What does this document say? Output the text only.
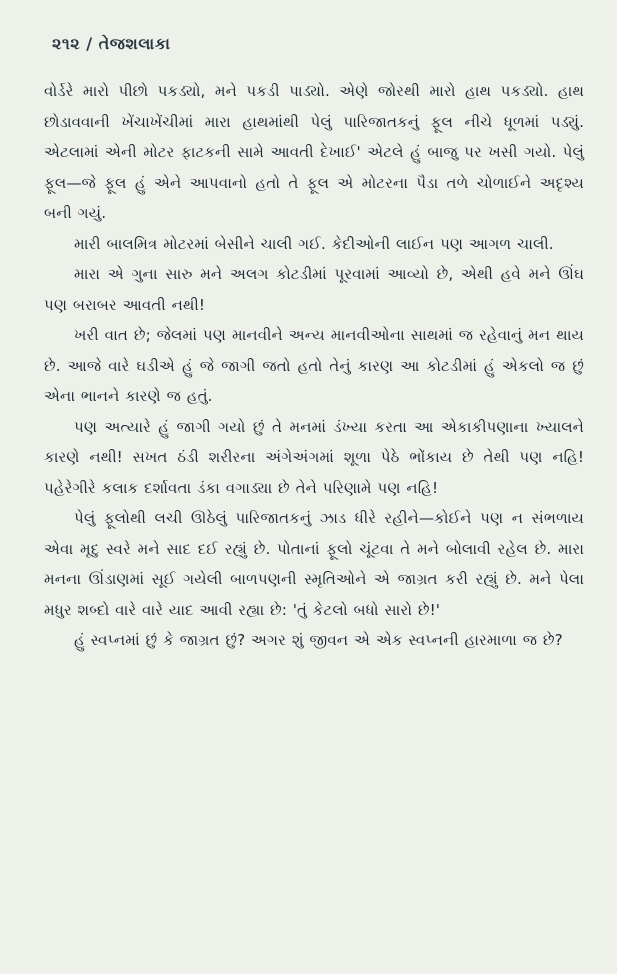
૨૧૨ / તેજશલાકા

વોર્ડરે મારો પીછો પકડ્યો, મને પકડી પાડ્યો. એણે જોરથી મારો હાથ પકડ્યો. હાથ છોડાવવાની ખેંચાખેંચીમાં મારા હાથમાંથી પેલું પારિજાતકનું ફૂલ નીચે ધૂળમાં પડ્યું. એટલામાં એની મોટર ફાટકની સામે આવતી દેખાઈ' એટલે હું બાજુ પર ખસી ગયો. પેલું ફૂલ—જે ફૂલ હું એને આપવાનો હતો તે ફૂલ એ મોટરના પૈડા તળે ચોળાઈને અદૃશ્ય બની ગયું.

મારી બાલમિત્ર મોટરમાં બેસીને ચાલી ગઈ. કેદીઓની લાઈન પણ આગળ ચાલી.

મારા એ ગુના સારુ મને અલગ કોટડીમાં પૂરવામાં આવ્યો છે, એથી હવે મને ઊંઘ પણ બરાબર આવતી નથી!

ખરી વાત છે; જેલમાં પણ માનવીને અન્ય માનવીઓના સાથમાં જ રહેવાનું મન થાય છે. આજે વારે ઘડીએ હું જે જાગી જતો હતો તેનું કારણ આ કોટડીમાં હું એકલો જ છું એના ભાનને કારણે જ હતું.

પણ અત્યારે હું જાગી ગયો છું તે મનમાં ડંખ્યા કરતા આ એકાકીપણાના ખ્યાલને કારણે નથી! સખત ઠંડી શરીરના અંગેઅંગમાં શૂળા પેઠે ભોંકાય છે તેથી પણ નહિ! પહેરેગીરે કલાક દર્શાવતા ડંકા વગાડ્યા છે તેને પરિણામે પણ નહિ!

પેલું ફૂલોથી લચી ઊઠેલું પારિજાતકનું ઝાડ ધીરે રહીને—કોઈને પણ ન સંભળાય એવા મૃદુ સ્વરે મને સાદ દઈ રહ્યું છે. પોતાનાં ફૂલો ચૂંટવા તે મને બોલાવી રહેલ છે. મારા મનના ઊંડાણમાં સૂઈ ગયેલી બાળપણની સ્મૃતિઓને એ જાગ્રત કરી રહ્યું છે. મને પેલા મધુર શબ્દો વારે વારે યાદ આવી રહ્યા છે: 'તું કેટલો બધો સારો છે!'

હું સ્વપ્નમાં છું કે જાગ્રત છું? અગર શું જીવન એ એક સ્વપ્નની હારમાળા જ છે?
